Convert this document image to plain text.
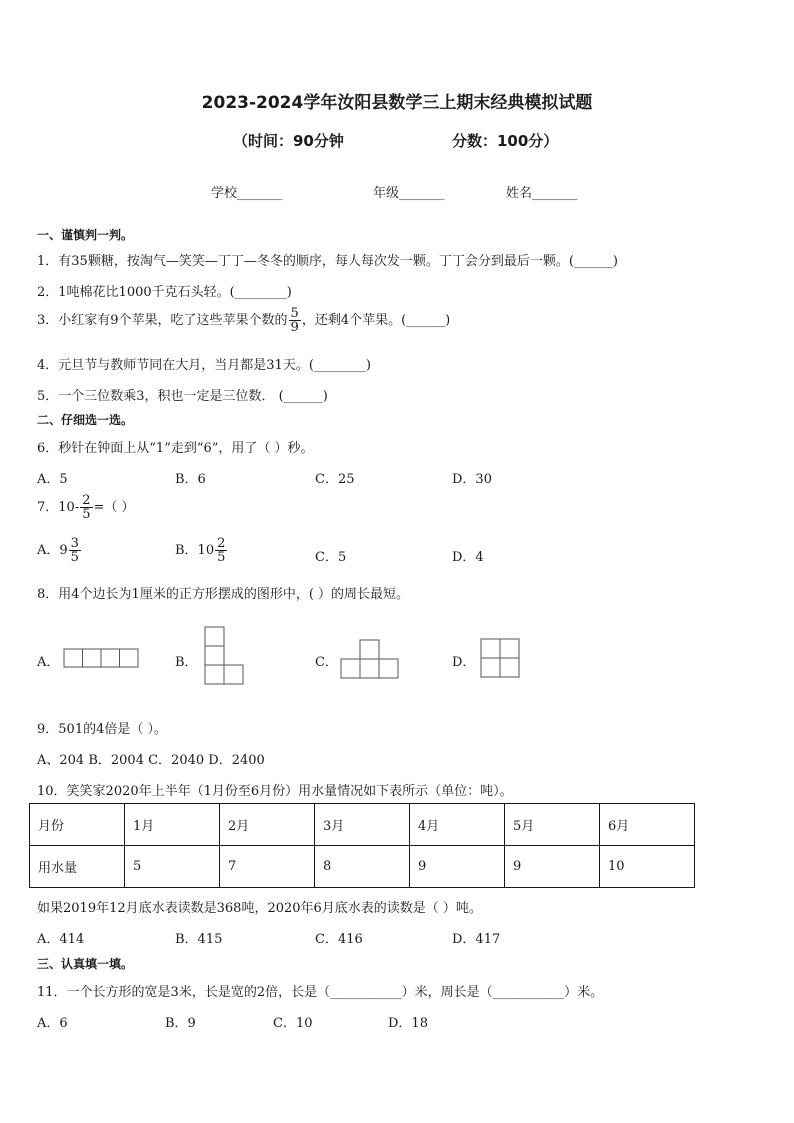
2023-2024学年汝阳县数学三上期末经典模拟试题
（时间：90分钟	分数：100分）
学校_______	年级_______	姓名_______
一、谨慎判一判。
1．有35颗糖，按淘气—笑笑—丁丁—冬冬的顺序，每人每次发一颗。丁丁会分到最后一颗。(______)
2．1吨棉花比1000千克石头轻。(________)
3．小红家有9个苹果，吃了这些苹果个数的 $\frac{5}{9}$ ，还剩4个苹果。(______)
4．元旦节与教师节同在大月，当月都是31天。(________)
5．一个三位数乘3，积也一定是三位数． (______)
二、仔细选一选。
6．秒针在钟面上从“1”走到“6”，用了（ ）秒。
A．5	B．6	C．25	D．30
7．$10- \frac{2}{5}$ =（ ）
A．$9 \frac{3}{5}$	B．$10 \frac{2}{5}$	C．5	D．4
8．用4个边长为1厘米的正方形摆成的图形中，( ）的周长最短。
A．	B．	C．	D．
9．501的4倍是（ ）。
A、204 B．2004 C．2040 D．2400
10．笑笑家2020年上半年（1月份至6月份）用水量情况如下表所示（单位：吨）。
月份	1月	2月	3月	4月	5月	6月
用水量	5	7	8	9	9	10
如果2019年12月底水表读数是368吨，2020年6月底水表的读数是（ ）吨。
A．414	B．415	C．416	D．417
三、认真填一填。
11．一个长方形的宽是3米，长是宽的2倍，长是（___________）米，周长是（___________）米。
A．6	B．9	C．10	D．18
